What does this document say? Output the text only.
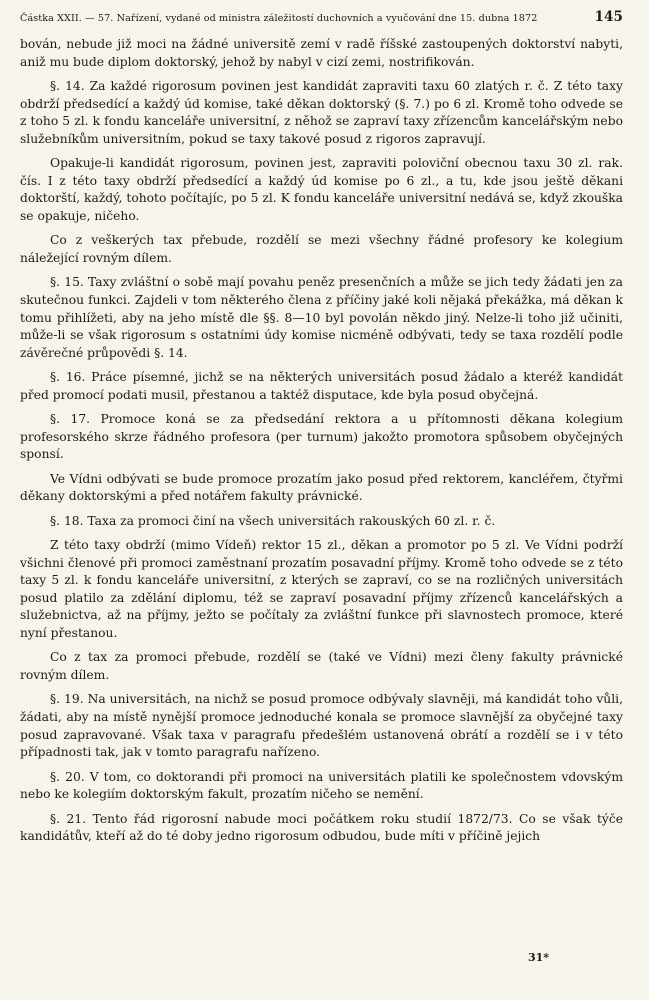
Částka XXII. — 57. Nařízení, vydané od ministra záležitostí duchovních a vyučování dne 15. dubna 1872	145

bován, nebude již moci na žádné universitě zemí v radě říšské zastoupených doktorství nabyti, aniž mu bude diplom doktorský, jehož by nabyl v cizí zemi, nostrifikován.

§. 14. Za každé rigorosum povinen jest kandidát zapraviti taxu 60 zlatých r. č. Z této taxy obdrží předsedící a každý úd komise, také děkan doktorský (§. 7.) po 6 zl. Kromě toho odvede se z toho 5 zl. k fondu kanceláře universitní, z něhož se zapraví taxy zřízencům kancelářským nebo služebníkům universitním, pokud se taxy takové posud z rigoros zapravují.

Opakuje-li kandidát rigorosum, povinen jest, zapraviti poloviční obecnou taxu 30 zl. rak. čís. I z této taxy obdrží předsedící a každý úd komise po 6 zl., a tu, kde jsou ještě děkani doktorští, každý, tohoto počítajíc, po 5 zl. K fondu kanceláře universitní nedává se, když zkouška se opakuje, ničeho.

Co z veškerých tax přebude, rozdělí se mezi všechny řádné profesory ke kolegium náležející rovným dílem.

§. 15. Taxy zvláštní o sobě mají povahu peněz presenčních a může se jich tedy žádati jen za skutečnou funkci. Zajdeli v tom některého člena z příčiny jaké koli nějaká překážka, má děkan k tomu přihlížeti, aby na jeho místě dle §§. 8—10 byl povolán někdo jiný. Nelze-li toho již učiniti, může-li se však rigorosum s ostatními údy komise nicméně odbývati, tedy se taxa rozdělí podle závěrečné průpovědi §. 14.

§. 16. Práce písemné, jichž se na některých universitách posud žádalo a kteréž kandidát před promocí podati musil, přestanou a taktéž disputace, kde byla posud obyčejná.

§. 17. Promoce koná se za předsedání rektora a u přítomnosti děkana kolegium profesorského skrze řádného profesora (per turnum) jakožto promotora spůsobem obyčejných sponsí.

Ve Vídni odbývati se bude promoce prozatím jako posud před rektorem, kancléřem, čtyřmi děkany doktorskými a před notářem fakulty právnické.

§. 18. Taxa za promoci činí na všech universitách rakouských 60 zl. r. č.

Z této taxy obdrží (mimo Vídeň) rektor 15 zl., děkan a promotor po 5 zl. Ve Vídni podrží všichni členové při promoci zaměstnaní prozatím posavadní příjmy. Kromě toho odvede se z této taxy 5 zl. k fondu kanceláře universitní, z kterých se zapraví, co se na rozličných universitách posud platilo za zdělání diplomu, též se zapraví posavadní příjmy zřízenců kancelářských a služebnictva, až na příjmy, ježto se počítaly za zvláštní funkce při slavnostech promoce, které nyní přestanou.

Co z tax za promoci přebude, rozdělí se (také ve Vídni) mezi členy fakulty právnické rovným dílem.

§. 19. Na universitách, na nichž se posud promoce odbývaly slavněji, má kandidát toho vůli, žádati, aby na místě nynější promoce jednoduché konala se promoce slavnější za obyčejné taxy posud zapravované. Však taxa v paragrafu předešlém ustanovená obrátí a rozdělí se i v této případnosti tak, jak v tomto paragrafu nařízeno.

§. 20. V tom, co doktorandi při promoci na universitách platili ke společnostem vdovským nebo ke kolegiím doktorským fakult, prozatím ničeho se nemění.

§. 21. Tento řád rigorosní nabude moci počátkem roku studií 1872/73. Co se však týče kandidátův, kteří až do té doby jedno rigorosum odbudou, bude míti v příčině jejich

31*
